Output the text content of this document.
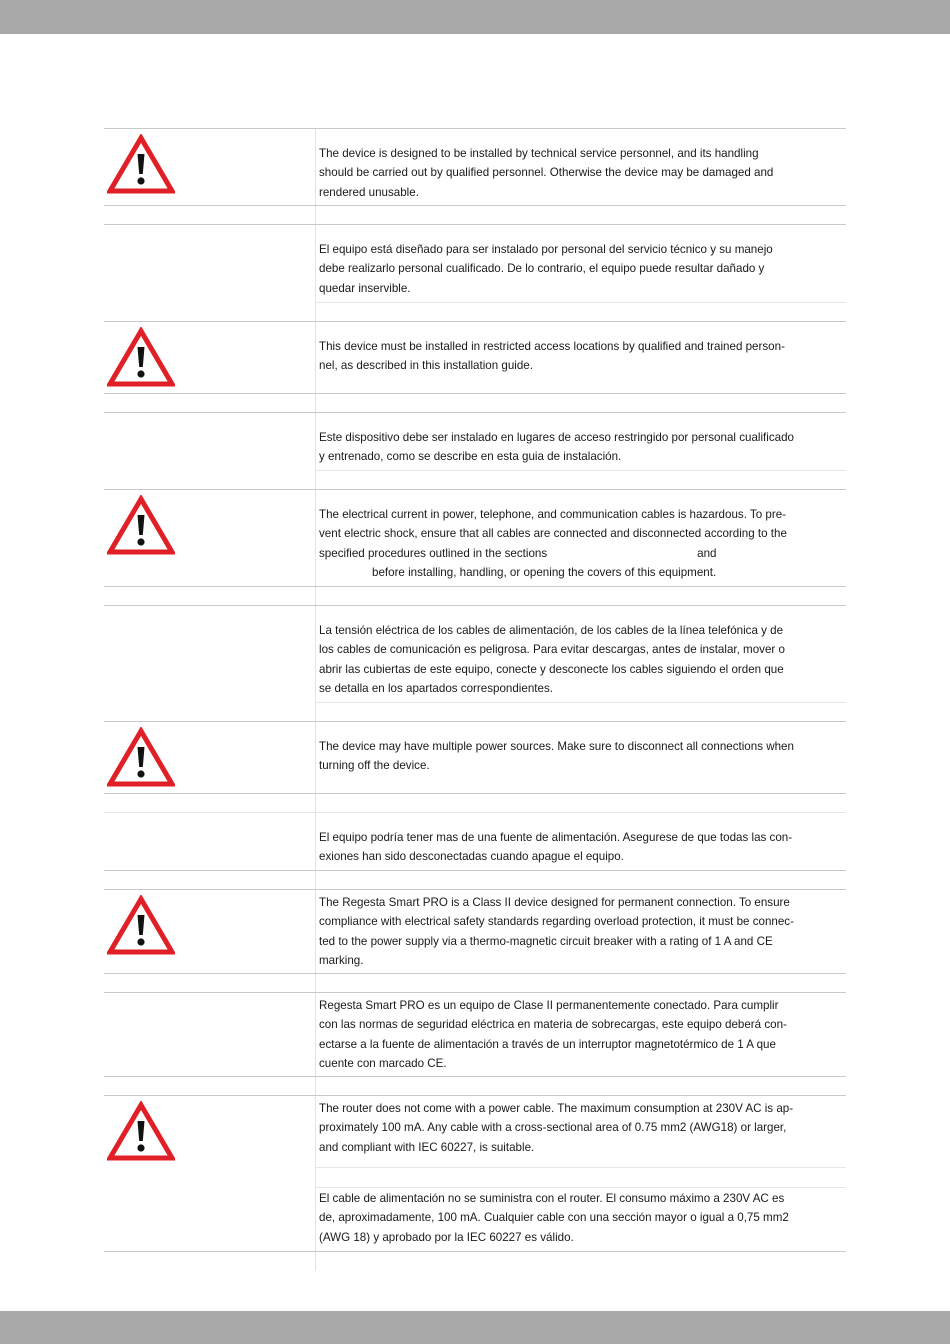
The device is designed to be installed by technical service personnel, and its handling
should be carried out by qualified personnel. Otherwise the device may be damaged and
rendered unusable.
El equipo está diseñado para ser instalado por personal del servicio técnico y su manejo
debe realizarlo personal cualificado. De lo contrario, el equipo puede resultar dañado y
quedar inservible.
This device must be installed in restricted access locations by qualified and trained person-
nel, as described in this installation guide.
Este dispositivo debe ser instalado en lugares de acceso restringido por personal cualificado
y entrenado, como se describe en esta guia de instalación.
The electrical current in power, telephone, and communication cables is hazardous. To pre-
vent electric shock, ensure that all cables are connected and disconnected according to the
specified procedures outlined in the sections	and
before installing, handling, or opening the covers of this equipment.
La tensión eléctrica de los cables de alimentación, de los cables de la línea telefónica y de
los cables de comunicación es peligrosa. Para evitar descargas, antes de instalar, mover o
abrir las cubiertas de este equipo, conecte y desconecte los cables siguiendo el orden que
se detalla en los apartados correspondientes.
The device may have multiple power sources. Make sure to disconnect all connections when
turning off the device.
El equipo podría tener mas de una fuente de alimentación. Asegurese de que todas las con-
exiones han sido desconectadas cuando apague el equipo.
The Regesta Smart PRO is a Class II device designed for permanent connection. To ensure
compliance with electrical safety standards regarding overload protection, it must be connec-
ted to the power supply via a thermo-magnetic circuit breaker with a rating of 1 A and CE
marking.
Regesta Smart PRO es un equipo de Clase II permanentemente conectado. Para cumplir
con las normas de seguridad eléctrica en materia de sobrecargas, este equipo deberá con-
ectarse a la fuente de alimentación a través de un interruptor magnetotérmico de 1 A que
cuente con marcado CE.
The router does not come with a power cable. The maximum consumption at 230V AC is ap-
proximately 100 mA. Any cable with a cross-sectional area of 0.75 mm2 (AWG18) or larger,
and compliant with IEC 60227, is suitable.
El cable de alimentación no se suministra con el router. El consumo máximo a 230V AC es
de, aproximadamente, 100 mA. Cualquier cable con una sección mayor o igual a 0,75 mm2
(AWG 18) y aprobado por la IEC 60227 es válido.
